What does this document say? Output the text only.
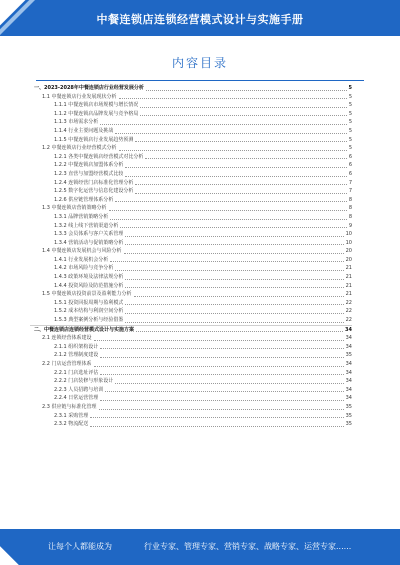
中餐连锁店连锁经营模式设计与实施手册
内容目录
一、2023-2028年中餐连锁店行业经营发展分析	5
1.1 中餐连锁店行业发展现状分析	5
1.1.1 中餐连锁店市场规模与增长情况	5
1.1.2 中餐连锁店品牌发展与竞争格局	5
1.1.3 市场需求分析	5
1.1.4 行业主要问题及挑战	5
1.1.5 中餐连锁店行业发展趋势预测	5
1.2 中餐连锁店行业经营模式分析	5
1.2.1 各类中餐连锁店经营模式对比分析	6
1.2.2 中餐连锁店加盟体系分析	6
1.2.3 直营与加盟经营模式比较	6
1.2.4 连锁经营门店标准化管理分析	7
1.2.5 数字化运营与信息化建设分析	7
1.2.6 供应链管理体系分析	8
1.3 中餐连锁店营销策略分析	8
1.3.1 品牌营销策略分析	8
1.3.2 线上线下营销渠道分析	9
1.3.3 会员体系与客户关系管理	10
1.3.4 营销活动与促销策略分析	10
1.4 中餐连锁店发展机会与风险分析	20
1.4.1 行业发展机会分析	20
1.4.2 市场风险与竞争分析	21
1.4.3 政策环境及法律法规分析	21
1.4.4 投资风险及防范措施分析	21
1.5 中餐连锁店投资前景及盈利能力分析	21
1.5.1 投资回报周期与盈利模式	22
1.5.2 成本结构与利润空间分析	22
1.5.3 典型案例分析与经验借鉴	22
二、中餐连锁店连锁经营模式设计与实施方案	34
2.1 连锁经营体系建设	34
2.1.1 组织架构设计	34
2.1.2 管理制度建设	35
2.2 门店运营管理体系	34
2.2.1 门店选址评估	34
2.2.2 门店装修与形象设计	34
2.2.3 人员招聘与培训	34
2.2.4 日常运营管理	34
2.3 供应链与标准化管理	35
2.3.1 采购管理	35
2.3.2 物流配送	35
让每个人都能成为	行业专家、管理专家、营销专家、战略专家、运营专家......
